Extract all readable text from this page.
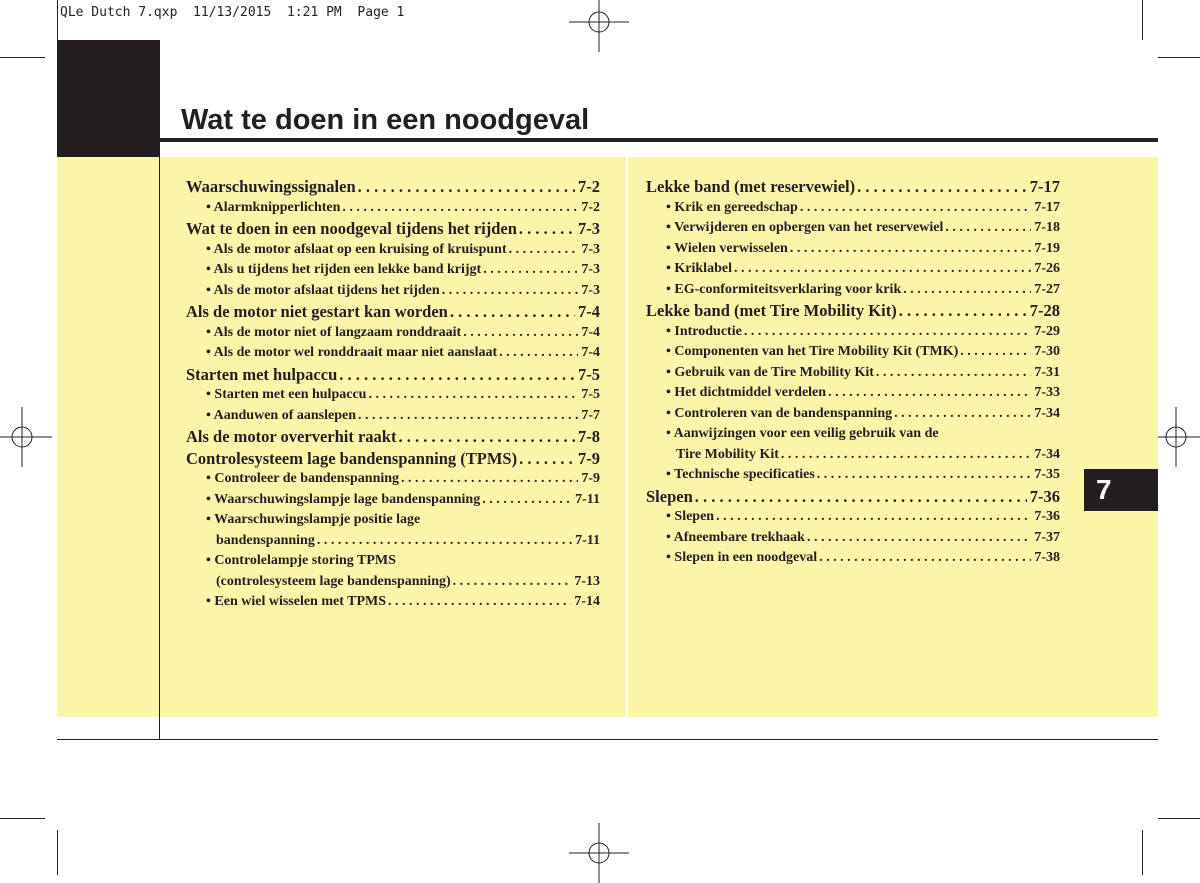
QLe Dutch 7.qxp  11/13/2015  1:21 PM  Page 1
Wat te doen in een noodgeval
Waarschuwingssignalen . . .	7-2
• Alarmknipperlichten . . .	7-2
Wat te doen in een noodgeval tijdens het rijden . . .	7-3
• Als de motor afslaat op een kruising of kruispunt . . .	7-3
• Als u tijdens het rijden een lekke band krijgt . . .	7-3
• Als de motor afslaat tijdens het rijden . . .	7-3
Als de motor niet gestart kan worden . . .	7-4
• Als de motor niet of langzaam ronddraait . . .	7-4
• Als de motor wel ronddraait maar niet aanslaat . . .	7-4
Starten met hulpaccu . . .	7-5
• Starten met een hulpaccu . . .	7-5
• Aanduwen of aanslepen . . .	7-7
Als de motor oververhit raakt . . .	7-8
Controlesysteem lage bandenspanning (TPMS) . . .	7-9
• Controleer de bandenspanning . . .	7-9
• Waarschuwingslampje lage bandenspanning . . .	7-11
• Waarschuwingslampje positie lage
bandenspanning . . .	7-11
• Controlelampje storing TPMS
(controlesysteem lage bandenspanning) . . .	7-13
• Een wiel wisselen met TPMS . . .	7-14
Lekke band (met reservewiel) . . .	7-17
• Krik en gereedschap . . .	7-17
• Verwijderen en opbergen van het reservewiel . . .	7-18
• Wielen verwisselen . . .	7-19
• Kriklabel . . .	7-26
• EG-conformiteitsverklaring voor krik . . .	7-27
Lekke band (met Tire Mobility Kit) . . .	7-28
• Introductie . . .	7-29
• Componenten van het Tire Mobility Kit (TMK) . . .	7-30
• Gebruik van de Tire Mobility Kit . . .	7-31
• Het dichtmiddel verdelen . . .	7-33
• Controleren van de bandenspanning . . .	7-34
• Aanwijzingen voor een veilig gebruik van de
Tire Mobility Kit . . .	7-34
• Technische specificaties . . .	7-35
Slepen . . .	7-36
• Slepen . . .	7-36
• Afneembare trekhaak . . .	7-37
• Slepen in een noodgeval . . .	7-38
7
